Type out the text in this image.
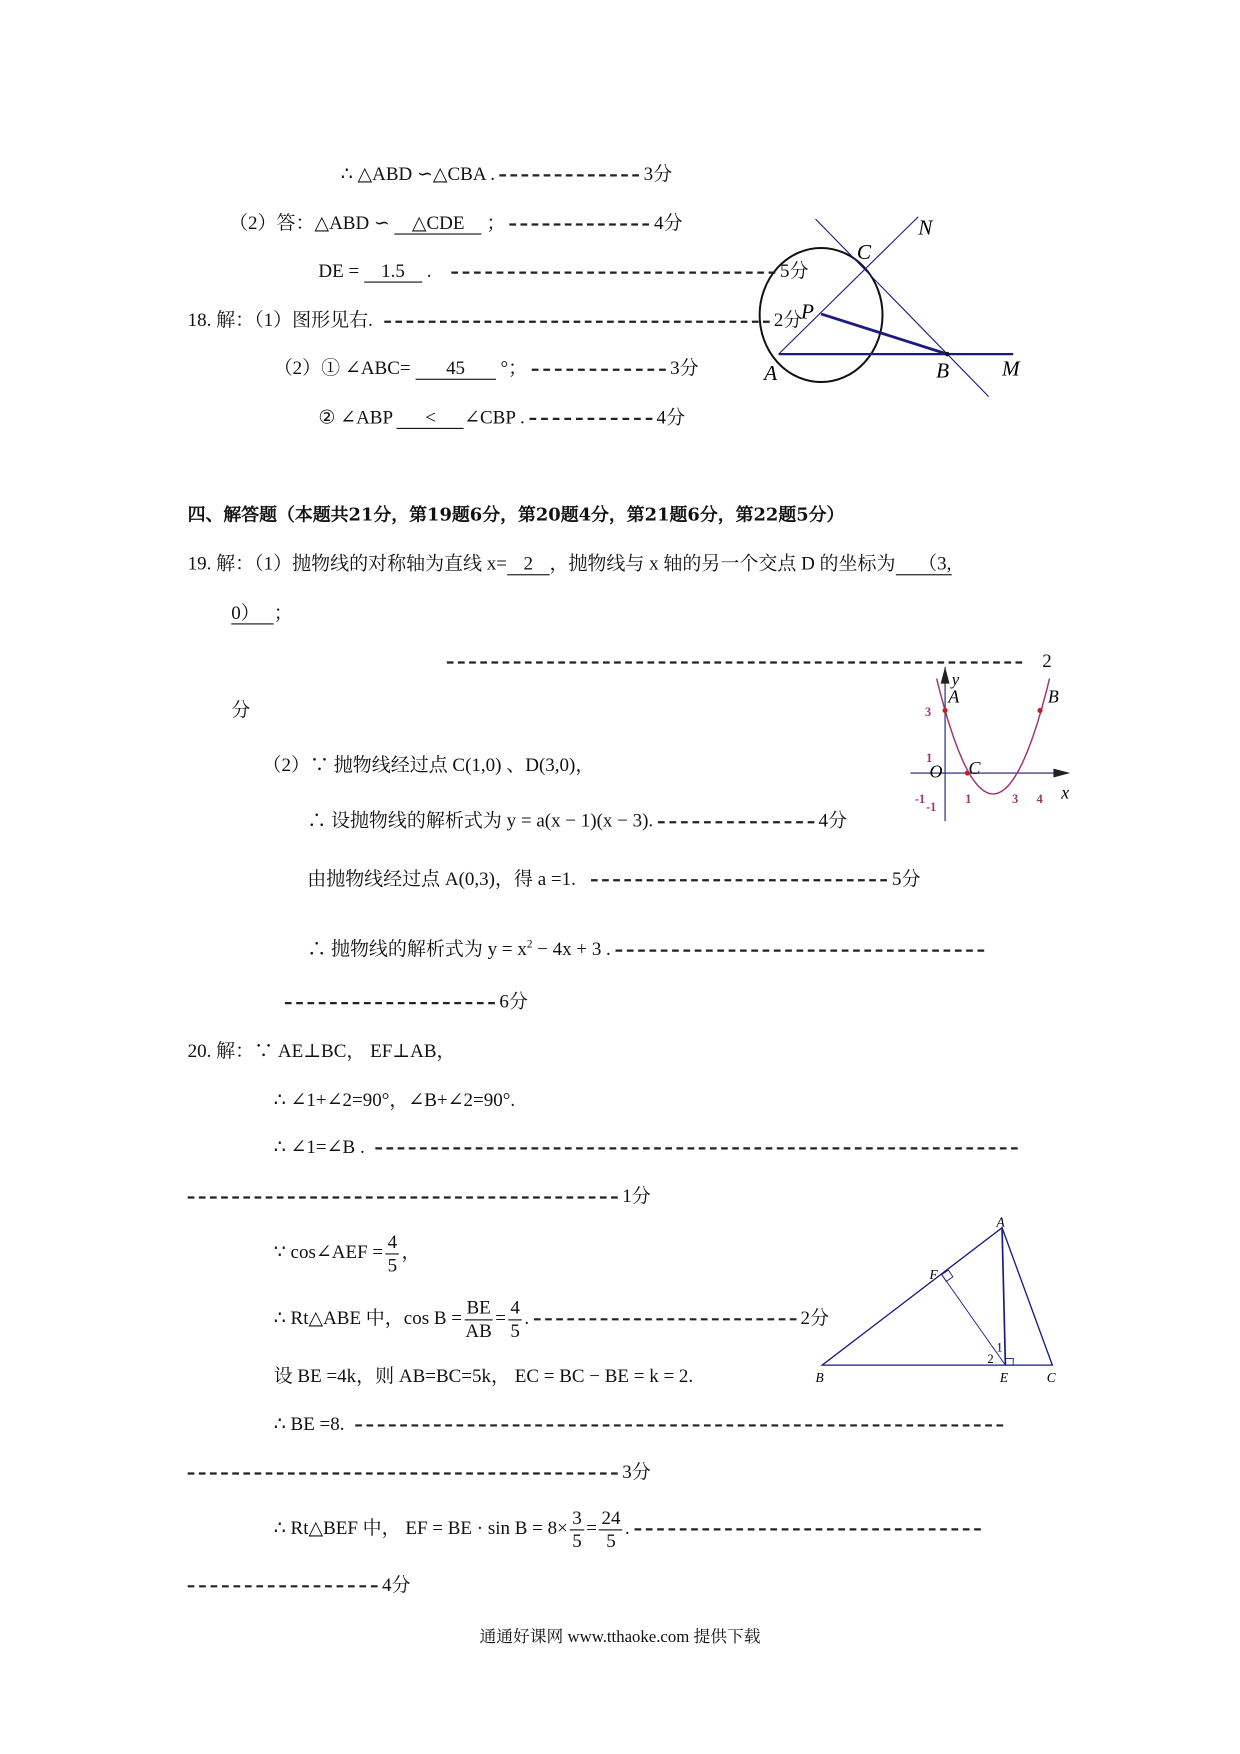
∴ △ABD ∽△CBA .	3分
（2）答：△ABD ∽ △CDE ；	4分
DE = 1.5 .	5分
18. 解：（1）图形见右.	2分
（2）① ∠ABC= 45 °；	3分
② ∠ABP < ∠CBP .	4分
N
C
P
A	B	M
y
A	B
O C
x
3
1
-1
-1
1	3 4
A
F
B	E	C
1
2
四、解答题（本题共21分，第19题6分，第20题4分，第21题6分，第22题5分）
19. 解：（1）抛物线的对称轴为直线 x= 2 ，抛物线与 x 轴的另一个交点 D 的坐标为 （3,
0） ；
2
分
（2）∵ 抛物线经过点 C(1,0) 、D(3,0)，
∴ 设抛物线的解析式为 y = a(x − 1)(x − 3).	4分
由抛物线经过点 A(0,3)，得 a =1.	5分
∴ 抛物线的解析式为 $y = x^2 - 4x + 3$ .
6分
20. 解：∵ AE⊥BC， EF⊥AB，
∴ ∠1+∠2=90°，∠B+∠2=90°.
∴ ∠1=∠B .
1分
∵ cos∠AEF = $\frac{4}{5}$ ，
∴ Rt△ABE 中，$\cos B = \frac{BE}{AB} = \frac{4}{5}$ .	2分
设 BE =4k，则 AB=BC=5k， EC = BC − BE = k = 2.
∴ BE =8.
3分
∴ Rt△BEF 中， EF = BE · $\sin B = 8\times \frac{3}{5} = \frac{24}{5}$ .
4分
通通好课网 www.tthaoke.com 提供下载
